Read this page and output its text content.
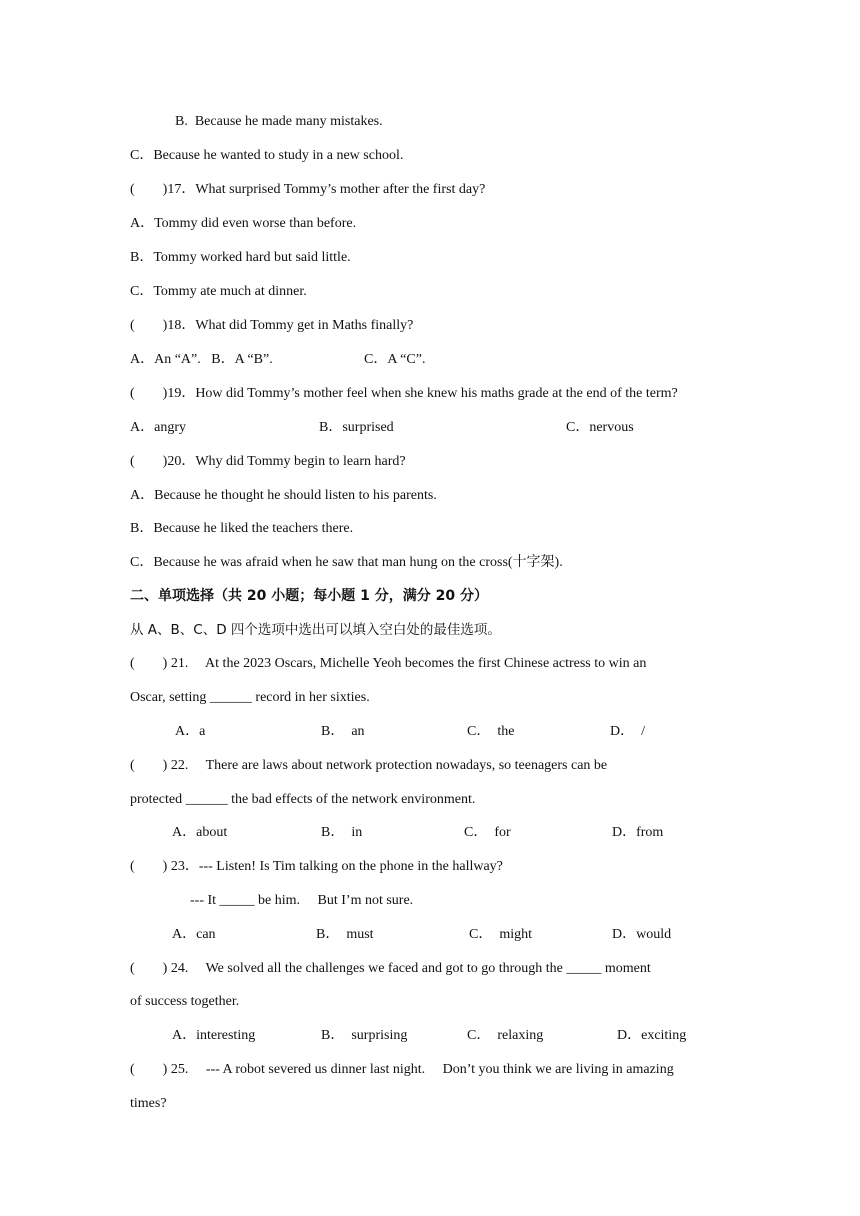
B.  Because he made many mistakes.
C．Because he wanted to study in a new school.
(        )17．What surprised Tommy’s mother after the first day?
A．Tommy did even worse than before.
B．Tommy worked hard but said little.
C．Tommy ate much at dinner.
(        )18．What did Tommy get in Maths finally?
A．An “A”.   B．A “B”.	C．A “C”.
(        )19．How did Tommy’s mother feel when she knew his maths grade at the end of the term?
A．angry	B．surprised	C．nervous
(        )20．Why did Tommy begin to learn hard?
A．Because he thought he should listen to his parents.
B．Because he liked the teachers there.
C．Because he was afraid when he saw that man hung on the cross(十字架).
二、单项选择（共 20 小题；每小题 1 分，满分 20 分）
从 A、B、C、D 四个选项中选出可以填入空白处的最佳选项。
(        ) 21.     At the 2023 Oscars, Michelle Yeoh becomes the first Chinese actress to win an
Oscar, setting ______ record in her sixties.
A．a	B．  an	C．  the	D．  /
(        ) 22.     There are laws about network protection nowadays, so teenagers can be
protected ______ the bad effects of the network environment.
A．about	B．  in	C．  for	D．from
(        ) 23．--- Listen! Is Tim talking on the phone in the hallway?
--- It _____ be him.     But I’m not sure.
A．can	B．  must	C．  might	D．would
(        ) 24.     We solved all the challenges we faced and got to go through the _____ moment
of success together.
A．interesting	B．  surprising	C．  relaxing	D．exciting
(        ) 25.     --- A robot severed us dinner last night.     Don’t you think we are living in amazing
times?
